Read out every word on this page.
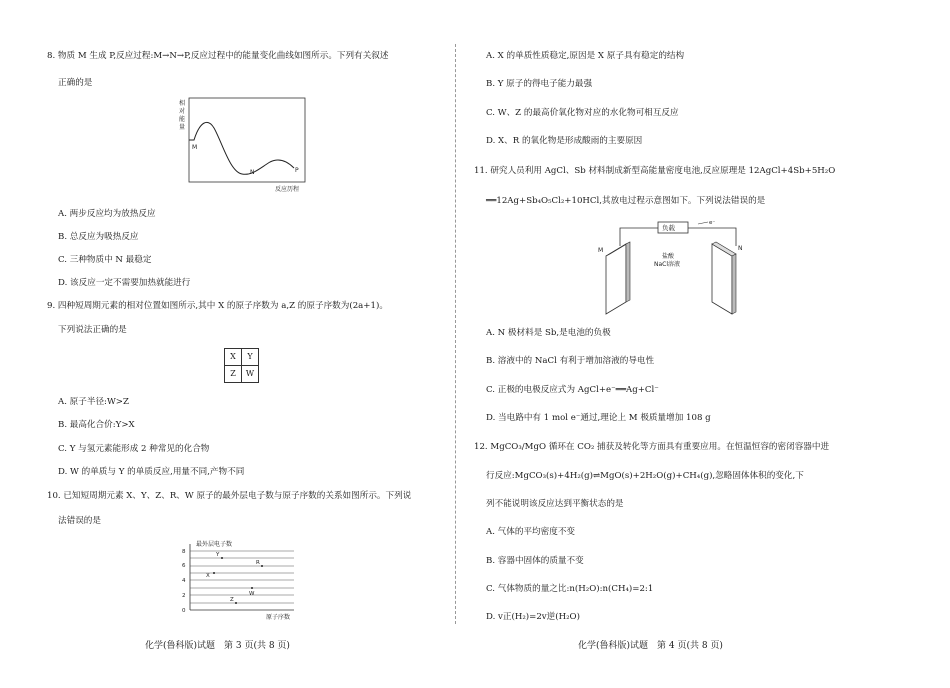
8. 物质 M 生成 P,反应过程:M→N→P,反应过程中的能量变化曲线如图所示。下列有关叙述
正确的是
相
对
能
量
M
N	P
反应历程
A. 两步反应均为放热反应
B. 总反应为吸热反应
C. 三种物质中 N 最稳定
D. 该反应一定不需要加热就能进行
9. 四种短周期元素的相对位置如图所示,其中 X 的原子序数为 a,Z 的原子序数为(2a+1)。
下列说法正确的是
X	Y
Z	W
A. 原子半径:W>Z
B. 最高化合价:Y>X
C. Y 与氢元素能形成 2 种常见的化合物
D. W 的单质与 Y 的单质反应,用量不同,产物不同
10. 已知短周期元素 X、Y、Z、R、W 原子的最外层电子数与原子序数的关系如图所示。下列说
法错误的是
最外层电子数
0
2
4
6
8	Y
R
X
W
Z
原子序数
化学(鲁科版)试题　第 3 页(共 8 页)
A. X 的单质性质稳定,原因是 X 原子具有稳定的结构
B. Y 原子的得电子能力最强
C. W、Z 的最高价氧化物对应的水化物可相互反应
D. X、R 的氧化物是形成酸雨的主要原因
11. 研究人员利用 AgCl、Sb 材料制成新型高能量密度电池,反应原理是 12AgCl+4Sb+5H₂O
══12Ag+Sb₄O₅Cl₂+10HCl,其放电过程示意图如下。下列说法错误的是
负载
e⁻
M	N
盐酸
NaCl溶液
A. N 极材料是 Sb,是电池的负极
B. 溶液中的 NaCl 有利于增加溶液的导电性
C. 正极的电极反应式为 AgCl+e⁻══Ag+Cl⁻
D. 当电路中有 1 mol e⁻通过,理论上 M 极质量增加 108 g
12. MgCO₃/MgO 循环在 CO₂ 捕获及转化等方面具有重要应用。在恒温恒容的密闭容器中进
行反应:MgCO₃(s)+4H₂(g)⇌MgO(s)+2H₂O(g)+CH₄(g),忽略固体体积的变化,下
列不能说明该反应达到平衡状态的是
A. 气体的平均密度不变
B. 容器中固体的质量不变
C. 气体物质的量之比:n(H₂O):n(CH₄)=2:1
D. v正(H₂)=2v逆(H₂O)
化学(鲁科版)试题　第 4 页(共 8 页)
